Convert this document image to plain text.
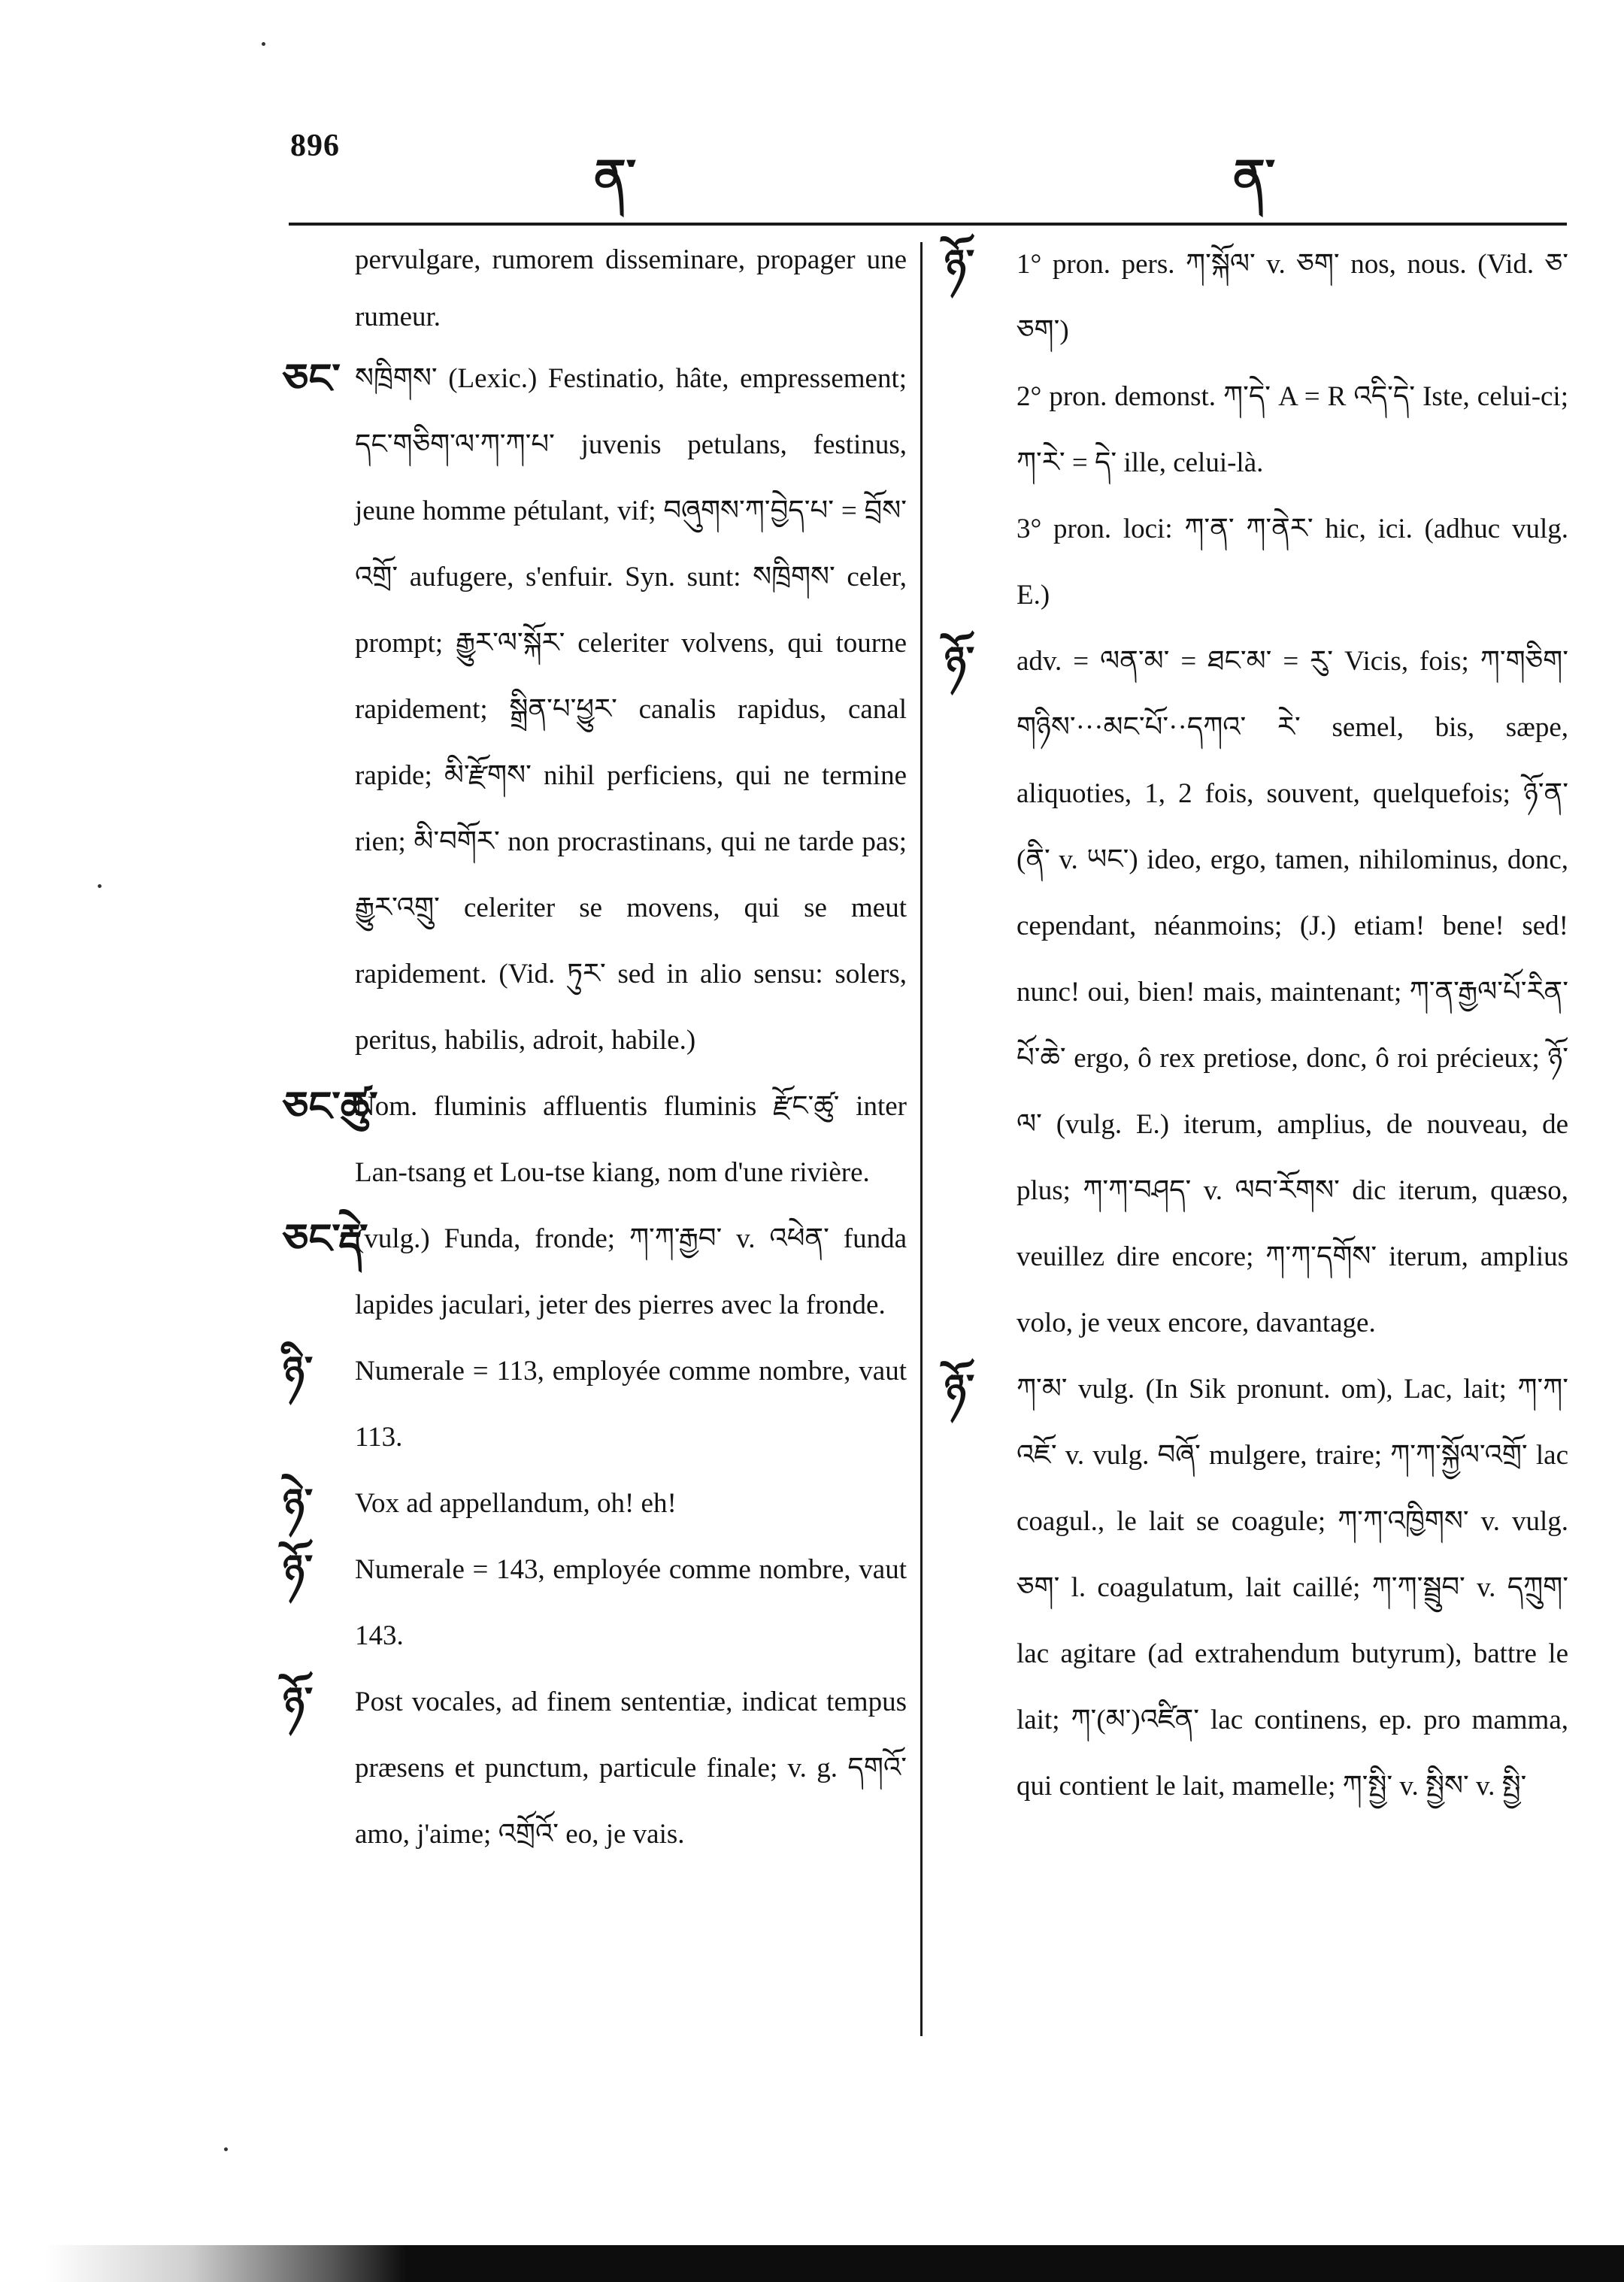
896
ན་	ན་
pervulgare, rumorem disseminare, propager une rumeur.
ཅང་ སཁྲིགས་ (Lexic.) Festinatio, hâte, empressement; དང་གཅིག་ལ་ཀ་ཀ་པ་ juvenis petulans, festinus, jeune homme pétulant, vif; བཞུགས་ཀ་བྱེད་པ་ = བྲོས་ འགྲོ་ aufugere, s'enfuir. Syn. sunt: སཁྲིགས་ celer, prompt; རྒྱུར་ལ་སྐོར་ celeriter volvens, qui tourne rapidement; སྒྲིན་པ་ཕྱུར་ canalis rapidus, canal rapide; མི་རྫོགས་ nihil perficiens, qui ne termine rien; མི་བགོར་ non procrastinans, qui ne tarde pas; རྒྱུར་འགྲུ་ celeriter se movens, qui se meut rapidement. (Vid. ཏུར་ sed in alio sensu: solers, peritus, habilis, adroit, habile.)
ཅང་ཚུ་
Nom. fluminis affluentis fluminis རྫོང་ཚུ་ inter Lan-tsang et Lou-tse kiang, nom d'une rivière.
ཅང་རྡེ་
(vulg.) Funda, fronde; ཀ་ཀ་རྒྱབ་ v. འཕེན་ funda lapides jaculari, jeter des pierres avec la fronde.
ཉི་ Numerale = 113, employée comme nombre, vaut 113.
ཉེ་ Vox ad appellandum, oh! eh!
ཉོ་ Numerale = 143, employée comme nombre, vaut 143.
ཉོ་ Post vocales, ad finem sententiæ, indicat tempus præsens et punctum, particule finale; v. g. དགའོ་ amo, j'aime; འགྲོའོ་ eo, je vais.
ཉོ་ 1° pron. pers. ཀ་སྐོལ་ v. ཅག་ nos, nous. (Vid. ཅ་ཅག་)
2° pron. demonst. ཀ་དེ་ A = R འདི་དེ་ Iste, celui-ci; ཀ་རེ་ = དེ་ ille, celui-là.
3° pron. loci: ཀ་ན་ ཀ་ནེར་ hic, ici. (adhuc vulg. E.)
ཉོ་ adv. = ལན་མ་ = ཐང་མ་ = རུ་ Vicis, fois; ཀ་གཅིག་གཉིས་···མང་པོ་··དཀའ་ རེ་ semel, bis, sæpe, aliquoties, 1, 2 fois, souvent, quelquefois; ཉོ་ན་ (ནི་ v. ཡང་) ideo, ergo, tamen, nihilominus, donc, cependant, néanmoins; (J.) etiam! bene! sed! nunc! oui, bien! mais, maintenant; ཀ་ན་རྒྱལ་པོ་རིན་པོ་ཆེ་ ergo, ô rex pretiose, donc, ô roi précieux; ཉོ་ལ་ (vulg. E.) iterum, amplius, de nouveau, de plus; ཀ་ཀ་བཤད་ v. ལབ་རོགས་ dic iterum, quæso, veuillez dire encore; ཀ་ཀ་དགོས་ iterum, amplius volo, je veux encore, davantage.
ཉོ་ ཀ་མ་ vulg. (In Sik pronunt. om), Lac, lait; ཀ་ཀ་འཇོ་ v. vulg. བཞོ་ mulgere, traire; ཀ་ཀ་སྐྱོལ་འགྲོ་ lac coagul., le lait se coagule; ཀ་ཀ་འཁྱིགས་ v. vulg. ཅག་ l. coagulatum, lait caillé; ཀ་ཀ་སྦྲུབ་ v. དཀྲུག་ lac agitare (ad extrahendum butyrum), battre le lait; ཀ་(མ་)འཛིན་ lac continens, ep. pro mamma, qui contient le lait, mamelle; ཀ་སྤྱི་ v. སྤྱིས་ v. སྤྱི་
